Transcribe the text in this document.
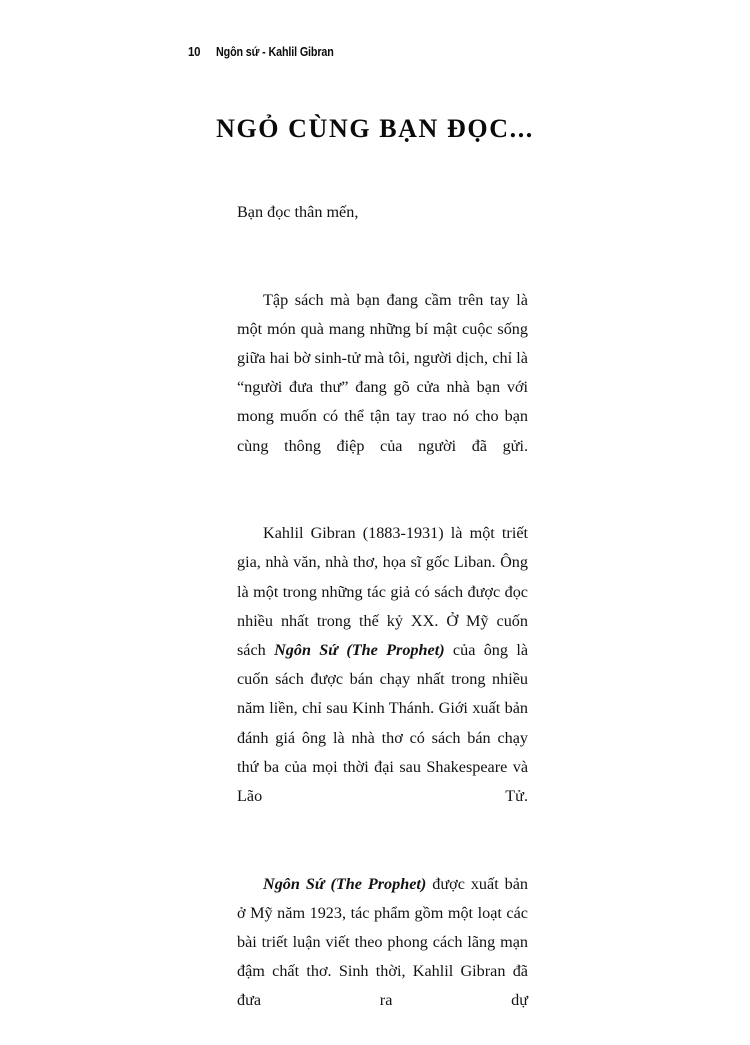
10 Ngôn sứ - Kahlil Gibran
NGỎ CÙNG BẠN ĐỌC...

Bạn đọc thân mến,

Tập sách mà bạn đang cầm trên tay là một món quà mang những bí mật cuộc sống giữa hai bờ sinh-tử mà tôi, người dịch, chỉ là “người đưa thư” đang gõ cửa nhà bạn với mong muốn có thể tận tay trao nó cho bạn cùng thông điệp của người đã gửi.

Kahlil Gibran (1883-1931) là một triết gia, nhà văn, nhà thơ, họa sĩ gốc Liban. Ông là một trong những tác giả có sách được đọc nhiều nhất trong thế kỷ XX. Ở Mỹ cuốn sách Ngôn Sứ (The Prophet) của ông là cuốn sách được bán chạy nhất trong nhiều năm liền, chỉ sau Kinh Thánh. Giới xuất bản đánh giá ông là nhà thơ có sách bán chạy thứ ba của mọi thời đại sau Shakespeare và Lão Tử.

Ngôn Sứ (The Prophet) được xuất bản ở Mỹ năm 1923, tác phẩm gồm một loạt các bài triết luận viết theo phong cách lãng mạn đậm chất thơ. Sinh thời, Kahlil Gibran đã đưa ra dự
